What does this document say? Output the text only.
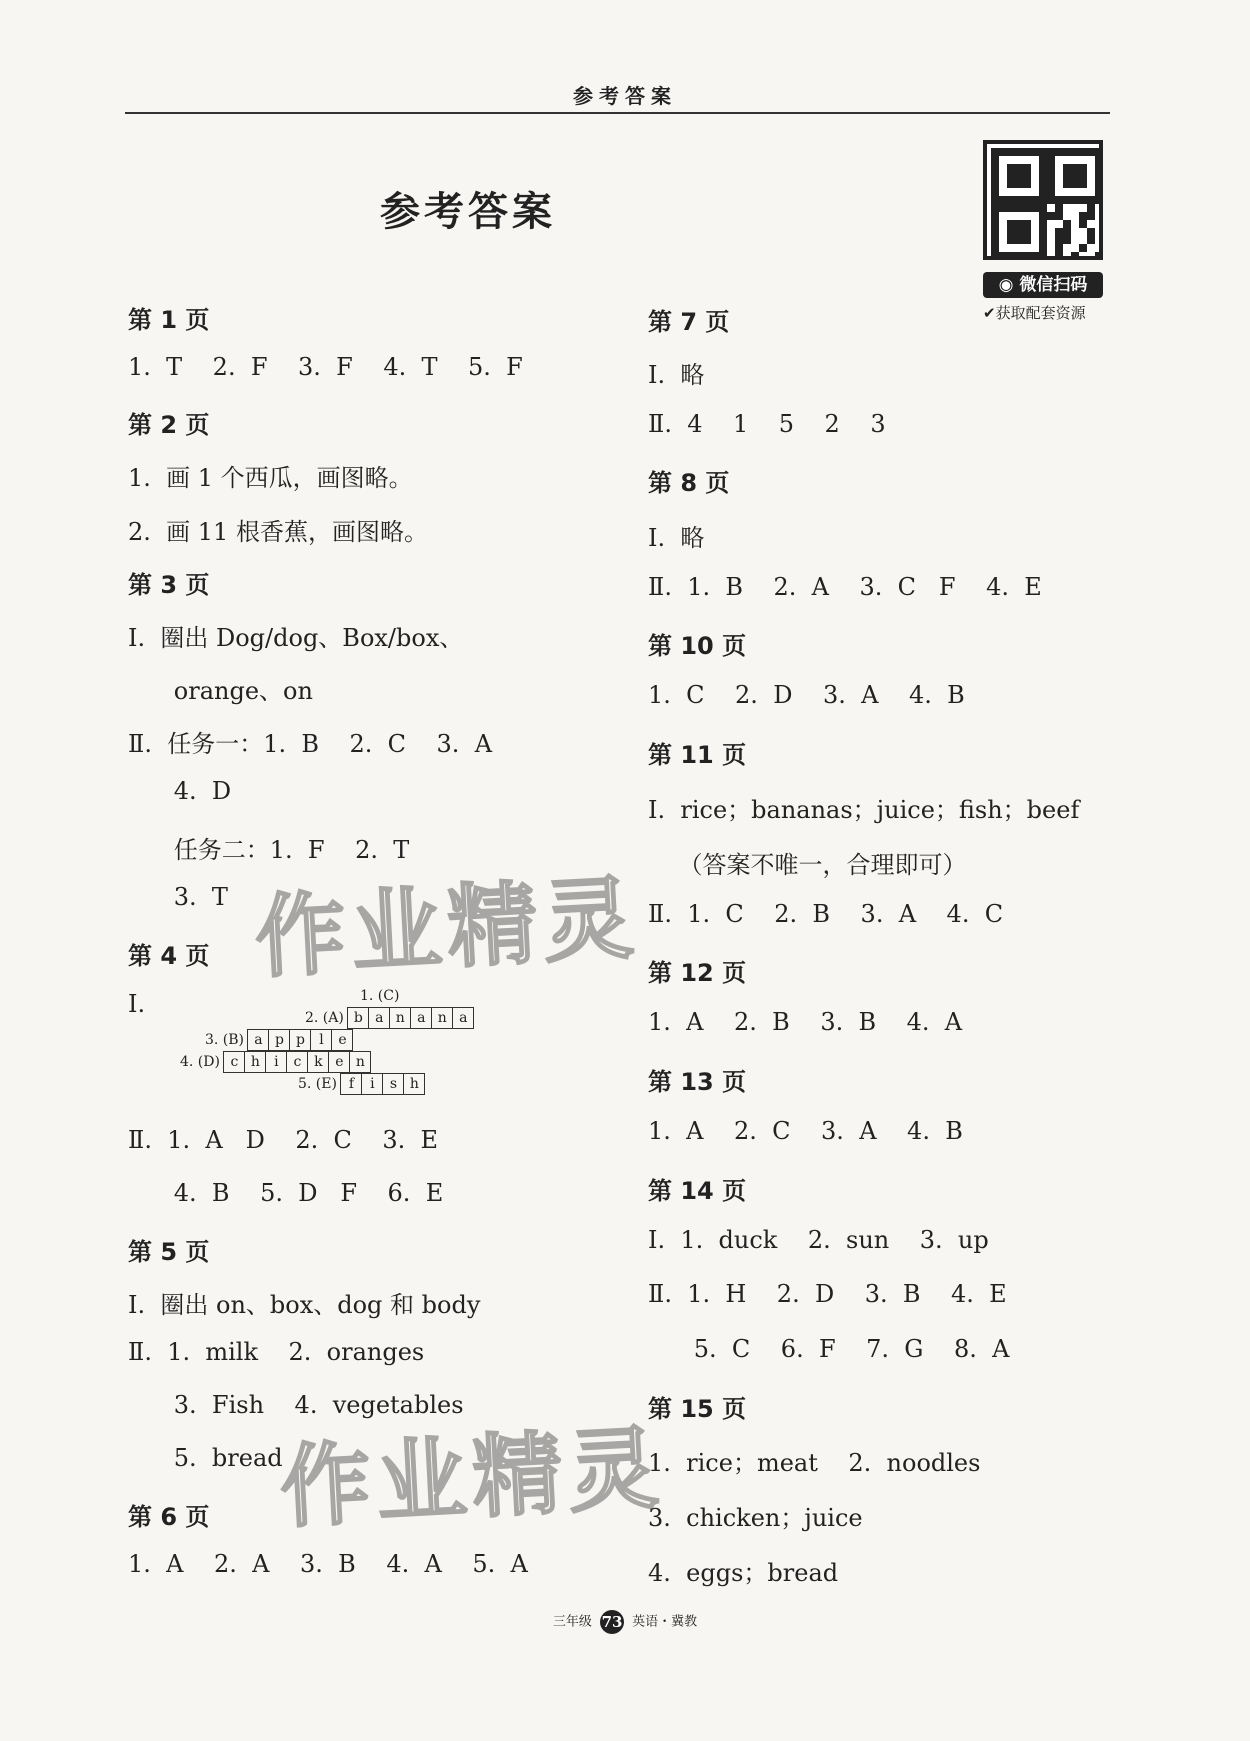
参考答案
参考答案
◉ 微信扫码
✔获取配套资源
第 1 页
1.  T    2.  F    3.  F    4.  T    5.  F
第 2 页
1.  画 1 个西瓜，画图略。
2.  画 11 根香蕉，画图略。
第 3 页
Ⅰ.  圈出 Dog/dog、Box/box、
orange、on
Ⅱ.  任务一：1.  B    2.  C    3.  A
4.  D
任务二：1.  F    2.  T
3.  T
第 4 页
Ⅰ.	1. (C)
2. (A) b a n a n a
3. (B) a p p l e
4. (D) c h i c k e n
5. (E) f i s h
Ⅱ.  1.  A   D    2.  C    3.  E
4.  B    5.  D   F    6.  E
第 5 页
Ⅰ.  圈出 on、box、dog 和 body
Ⅱ.  1.  milk    2.  oranges
3.  Fish    4.  vegetables
5.  bread
第 6 页
1.  A    2.  A    3.  B    4.  A    5.  A
第 7 页
Ⅰ.  略
Ⅱ.  4    1    5    2    3
第 8 页
Ⅰ.  略
Ⅱ.  1.  B    2.  A    3.  C   F    4.  E
第 10 页
1.  C    2.  D    3.  A    4.  B
第 11 页
Ⅰ.  rice；bananas；juice；fish；beef
（答案不唯一，合理即可）
Ⅱ.  1.  C    2.  B    3.  A    4.  C
第 12 页
1.  A    2.  B    3.  B    4.  A
第 13 页
1.  A    2.  C    3.  A    4.  B
第 14 页
Ⅰ.  1.  duck    2.  sun    3.  up
Ⅱ.  1.  H    2.  D    3.  B    4.  E
5.  C    6.  F    7.  G    8.  A
第 15 页
1.  rice；meat    2.  noodles
3.  chicken；juice
4.  eggs；bread
作业精灵
作业精灵
三年级 73 英语・冀教
